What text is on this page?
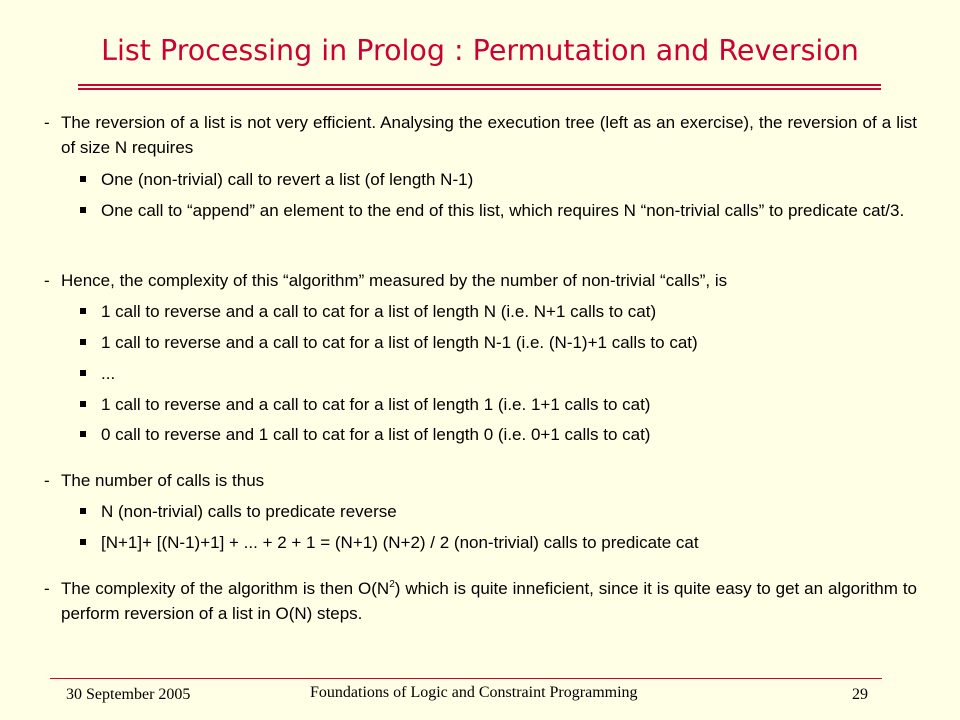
List Processing in Prolog : Permutation and Reversion
- The reversion of a list is not very efficient. Analysing the execution tree (left as an exercise), the reversion of a list of size N requires
One (non-trivial) call to revert a list (of length N-1)
One call to “append” an element to the end of this list, which requires N “non-trivial calls” to predicate cat/3.
- Hence, the complexity of this “algorithm” measured by the number of non-trivial “calls”, is
1 call to reverse and a call to cat for a list of length N (i.e. N+1 calls to cat)
1 call to reverse and a call to cat for a list of length N-1 (i.e. (N-1)+1 calls to cat)
...
1 call to reverse and a call to cat for a list of length 1 (i.e. 1+1 calls to cat)
0 call to reverse and 1 call to cat for a list of length 0 (i.e. 0+1 calls to cat)
- The number of calls is thus
N (non-trivial) calls to predicate reverse
[N+1]+ [(N-1)+1] + ... + 2 + 1 = (N+1) (N+2) / 2 (non-trivial) calls to predicate cat
- The complexity of the algorithm is then $O(N^2)$ which is quite inneficient, since it is quite easy to get an algorithm to perform reversion of a list in O(N) steps.
30 September 2005	Foundations of Logic and Constraint Programming	29
